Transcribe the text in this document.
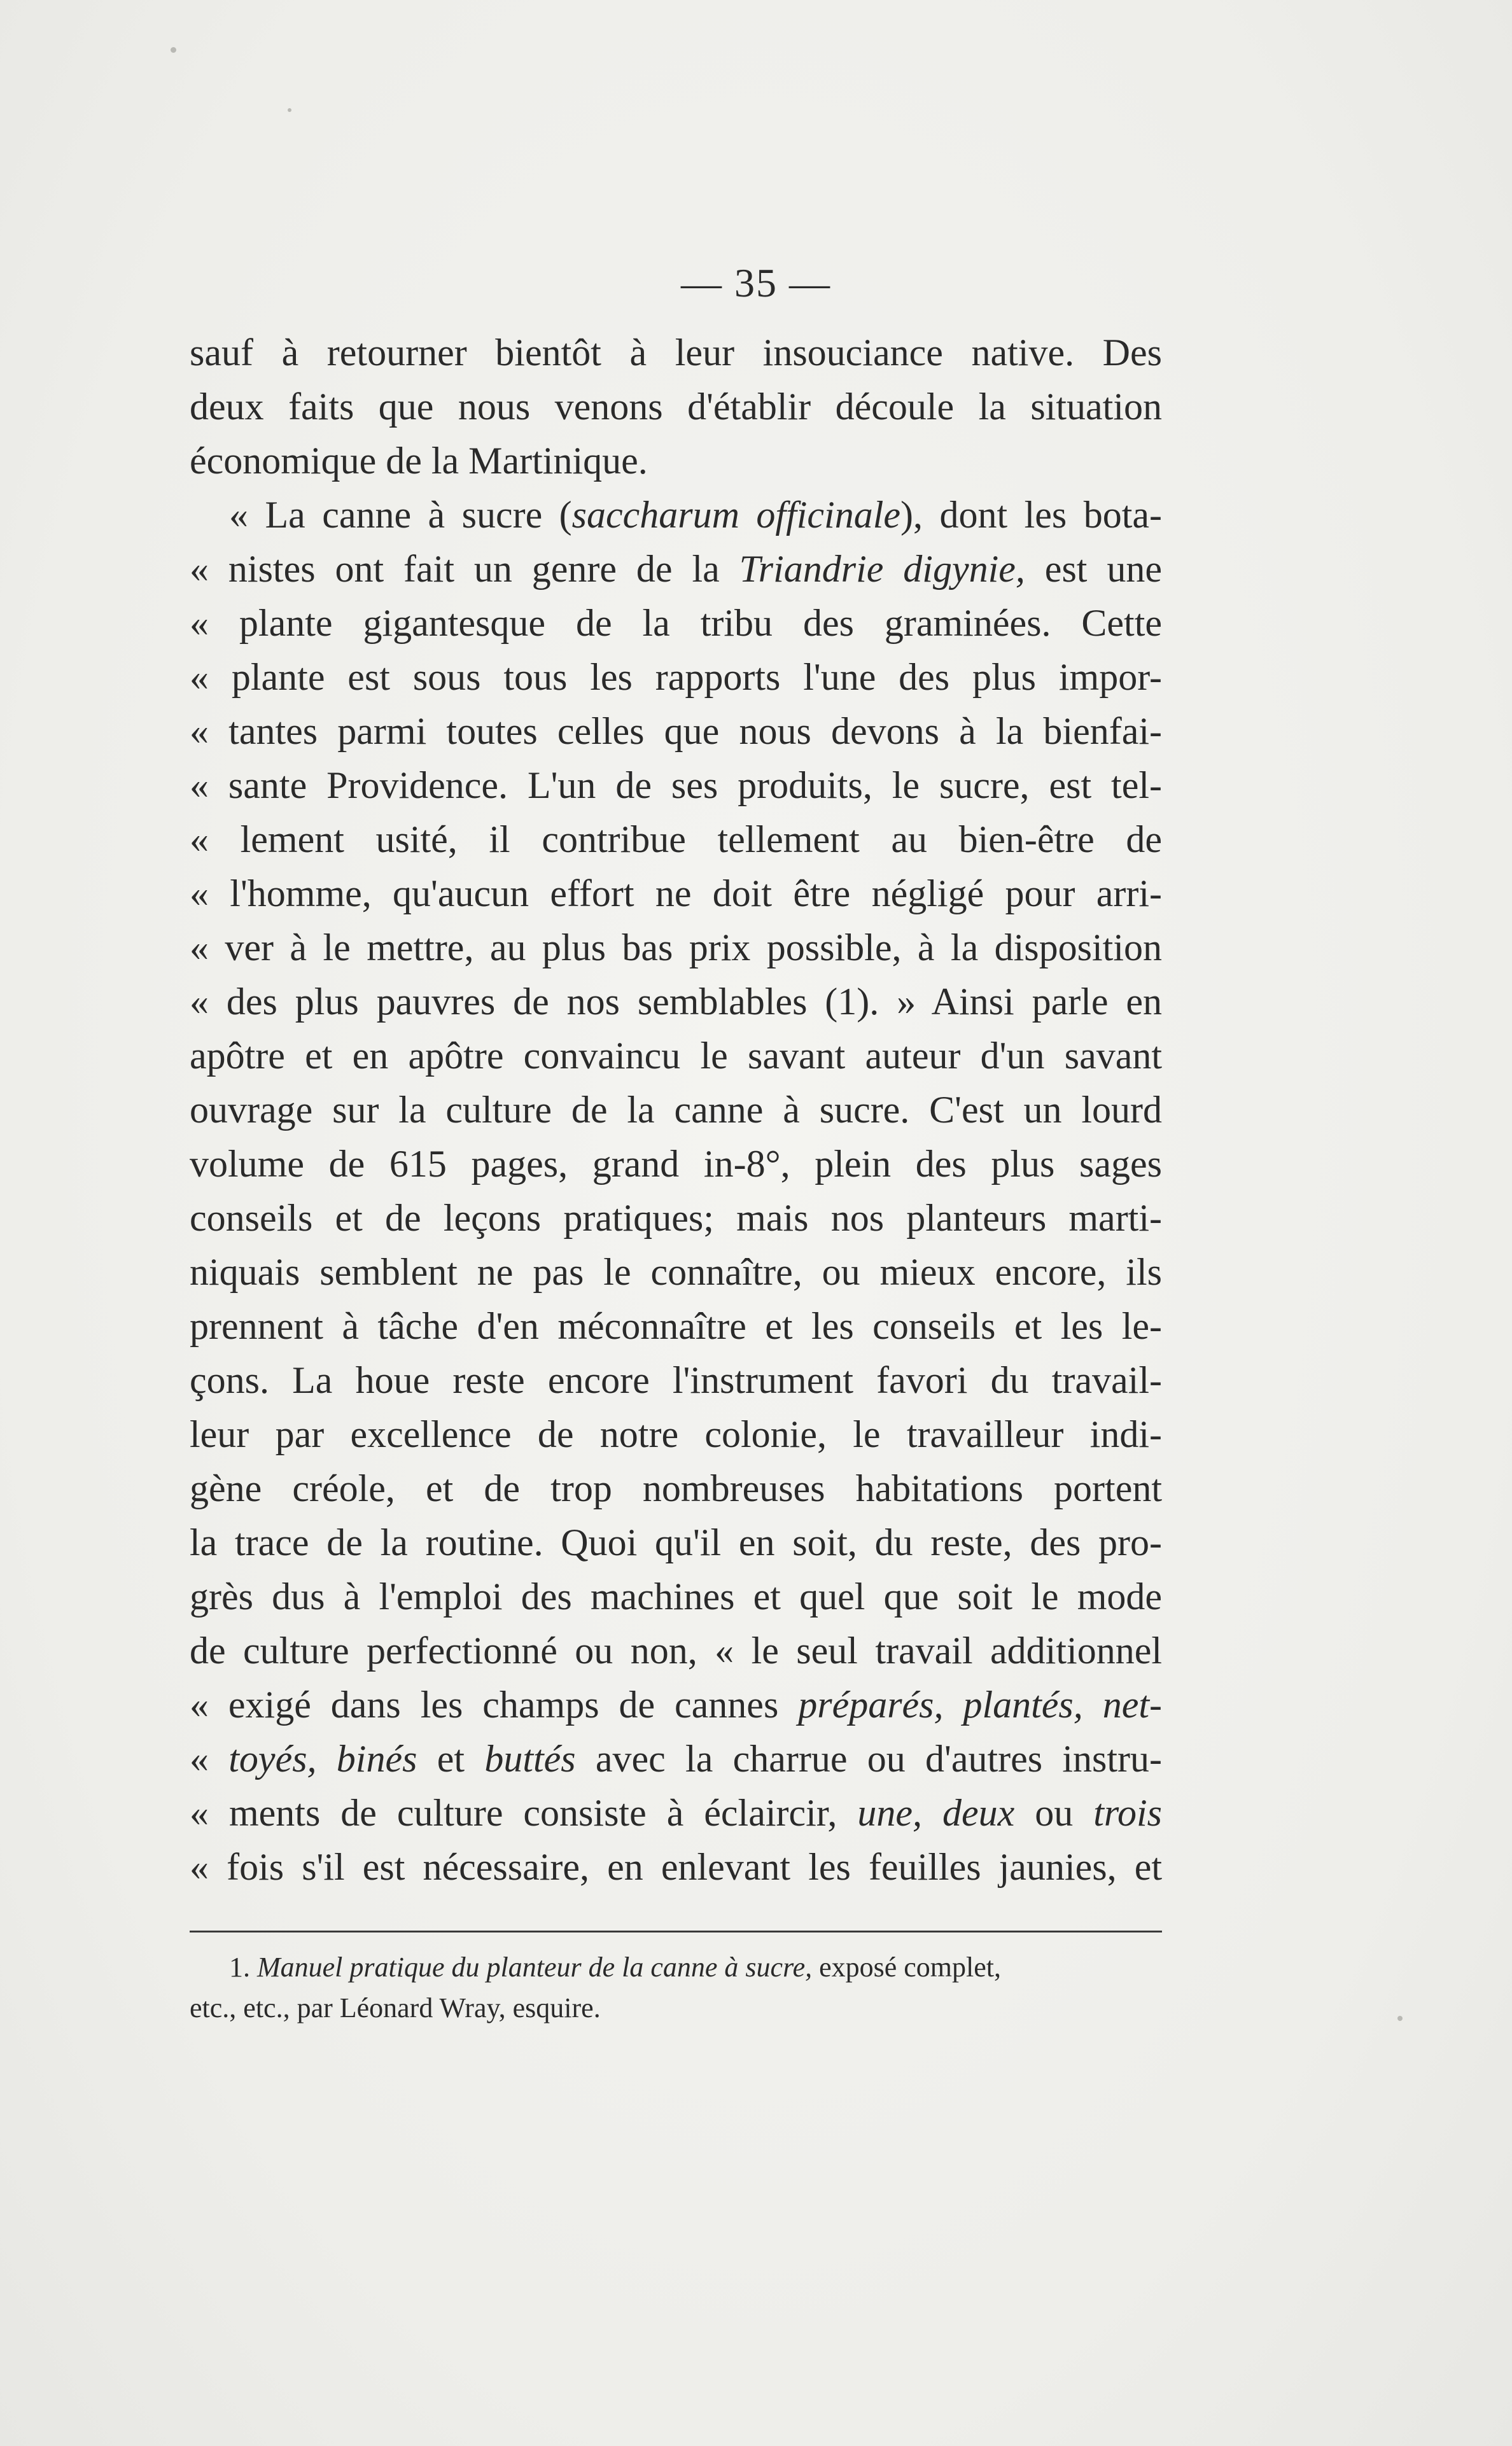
— 35 —
sauf à retourner bientôt à leur insouciance native. Des
deux faits que nous venons d'établir découle la situation
économique de la Martinique.
« La canne à sucre (saccharum officinale), dont les bota-
« nistes ont fait un genre de la Triandrie digynie, est une
« plante gigantesque de la tribu des graminées. Cette
« plante est sous tous les rapports l'une des plus impor-
« tantes parmi toutes celles que nous devons à la bienfai-
« sante Providence. L'un de ses produits, le sucre, est tel-
« lement usité, il contribue tellement au bien-être de
« l'homme, qu'aucun effort ne doit être négligé pour arri-
« ver à le mettre, au plus bas prix possible, à la disposition
« des plus pauvres de nos semblables (1). » Ainsi parle en
apôtre et en apôtre convaincu le savant auteur d'un savant
ouvrage sur la culture de la canne à sucre. C'est un lourd
volume de 615 pages, grand in-8°, plein des plus sages
conseils et de leçons pratiques; mais nos planteurs marti-
niquais semblent ne pas le connaître, ou mieux encore, ils
prennent à tâche d'en méconnaître et les conseils et les le-
çons. La houe reste encore l'instrument favori du travail-
leur par excellence de notre colonie, le travailleur indi-
gène créole, et de trop nombreuses habitations portent
la trace de la routine. Quoi qu'il en soit, du reste, des pro-
grès dus à l'emploi des machines et quel que soit le mode
de culture perfectionné ou non, « le seul travail additionnel
« exigé dans les champs de cannes préparés, plantés, net-
« toyés, binés et buttés avec la charrue ou d'autres instru-
« ments de culture consiste à éclaircir, une, deux ou trois
« fois s'il est nécessaire, en enlevant les feuilles jaunies, et
1. Manuel pratique du planteur de la canne à sucre, exposé complet,
etc., etc., par Léonard Wray, esquire.
